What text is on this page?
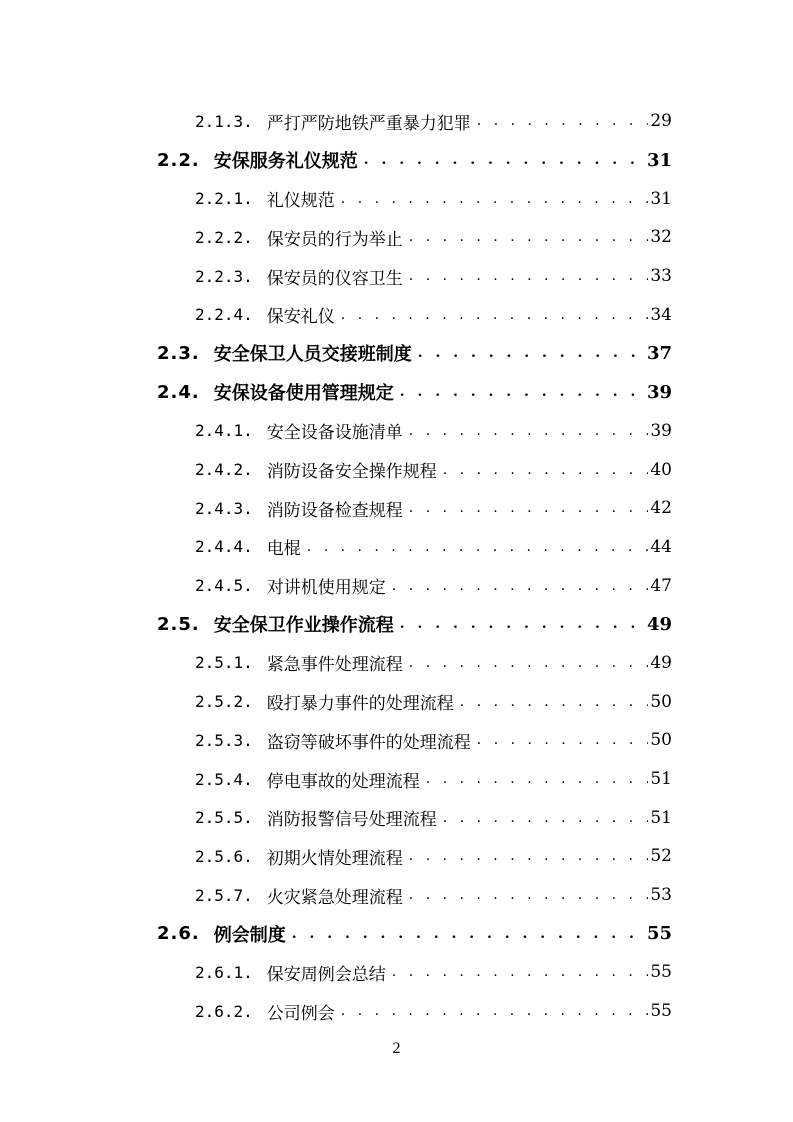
2.1.3. 严打严防地铁严重暴力犯罪 . . .	29
2.2. 安保服务礼仪规范 . . .	31
2.2.1. 礼仪规范 . . .	31
2.2.2. 保安员的行为举止 . . .	32
2.2.3. 保安员的仪容卫生 . . .	33
2.2.4. 保安礼仪 . . .	34
2.3. 安全保卫人员交接班制度 . . .	37
2.4. 安保设备使用管理规定 . . .	39
2.4.1. 安全设备设施清单 . . .	39
2.4.2. 消防设备安全操作规程 . . .	40
2.4.3. 消防设备检查规程 . . .	42
2.4.4. 电棍 . . .	44
2.4.5. 对讲机使用规定 . . .	47
2.5. 安全保卫作业操作流程 . . .	49
2.5.1. 紧急事件处理流程 . . .	49
2.5.2. 殴打暴力事件的处理流程 . . .	50
2.5.3. 盗窃等破坏事件的处理流程 . . .	50
2.5.4. 停电事故的处理流程 . . .	51
2.5.5. 消防报警信号处理流程 . . .	51
2.5.6. 初期火情处理流程 . . .	52
2.5.7. 火灾紧急处理流程 . . .	53
2.6. 例会制度 . . .	55
2.6.1. 保安周例会总结 . . .	55
2.6.2. 公司例会 . . .	55
2
